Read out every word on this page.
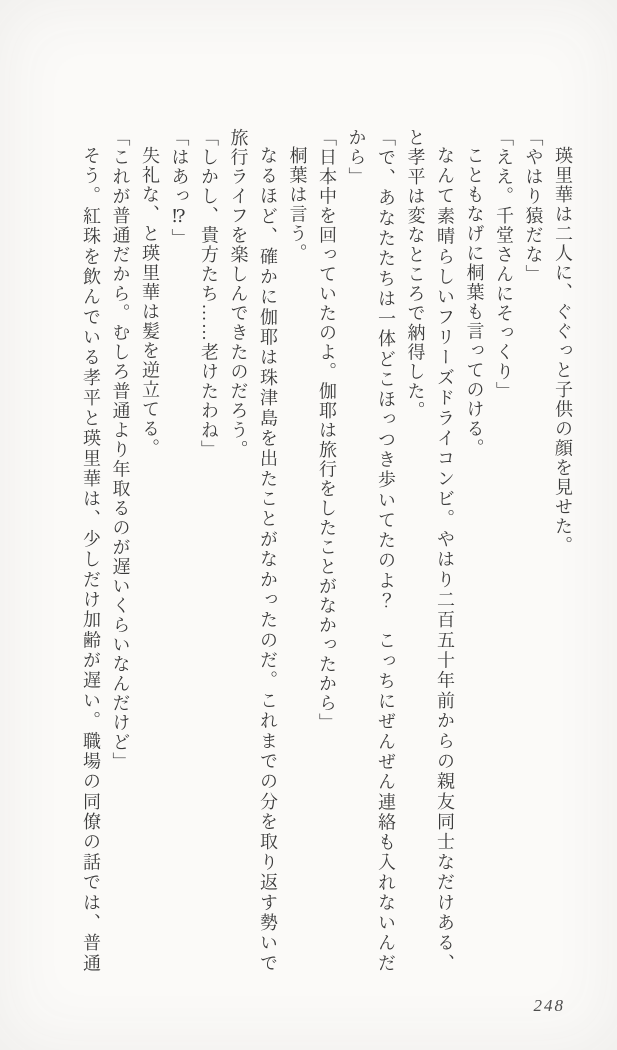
瑛里華は二人に、ぐぐっと子供の顔を見せた。
「やはり猿だな」
「ええ。千堂さんにそっくり」
こともなげに桐葉も言ってのける。
なんて素晴らしいフリーズドライコンビ。やはり二百五十年前からの親友同士なだけある、
と孝平は変なところで納得した。
「で、あなたたちは一体どこほっつき歩いてたのよ？　こっちにぜんぜん連絡も入れないんだ
から」
「日本中を回っていたのよ。伽耶は旅行をしたことがなかったから」
桐葉は言う。
なるほど、確かに伽耶は珠津島を出たことがなかったのだ。これまでの分を取り返す勢いで
旅行ライフを楽しんできたのだろう。
「しかし、貴方たち……老けたわね」
「はあっ⁉」
失礼な、と瑛里華は髪を逆立てる。
「これが普通だから。むしろ普通より年取るのが遅いくらいなんだけど」
そう。紅珠を飲んでいる孝平と瑛里華は、少しだけ加齢が遅い。職場の同僚の話では、普通
248
